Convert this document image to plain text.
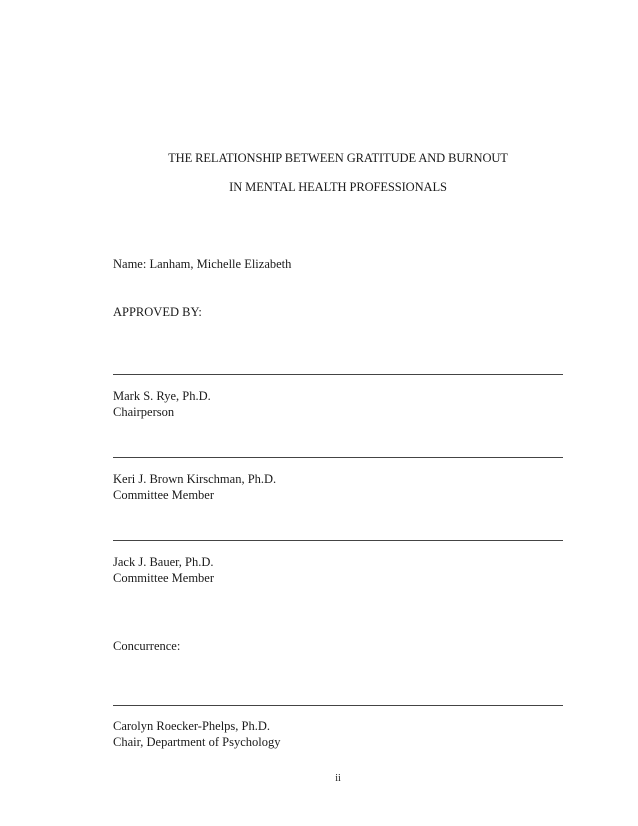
THE RELATIONSHIP BETWEEN GRATITUDE AND BURNOUT
IN MENTAL HEALTH PROFESSIONALS
Name: Lanham, Michelle Elizabeth
APPROVED BY:
Mark S. Rye, Ph.D.
Chairperson
Keri J. Brown Kirschman, Ph.D.
Committee Member
Jack J. Bauer, Ph.D.
Committee Member
Concurrence:
Carolyn Roecker-Phelps, Ph.D.
Chair, Department of Psychology
ii
